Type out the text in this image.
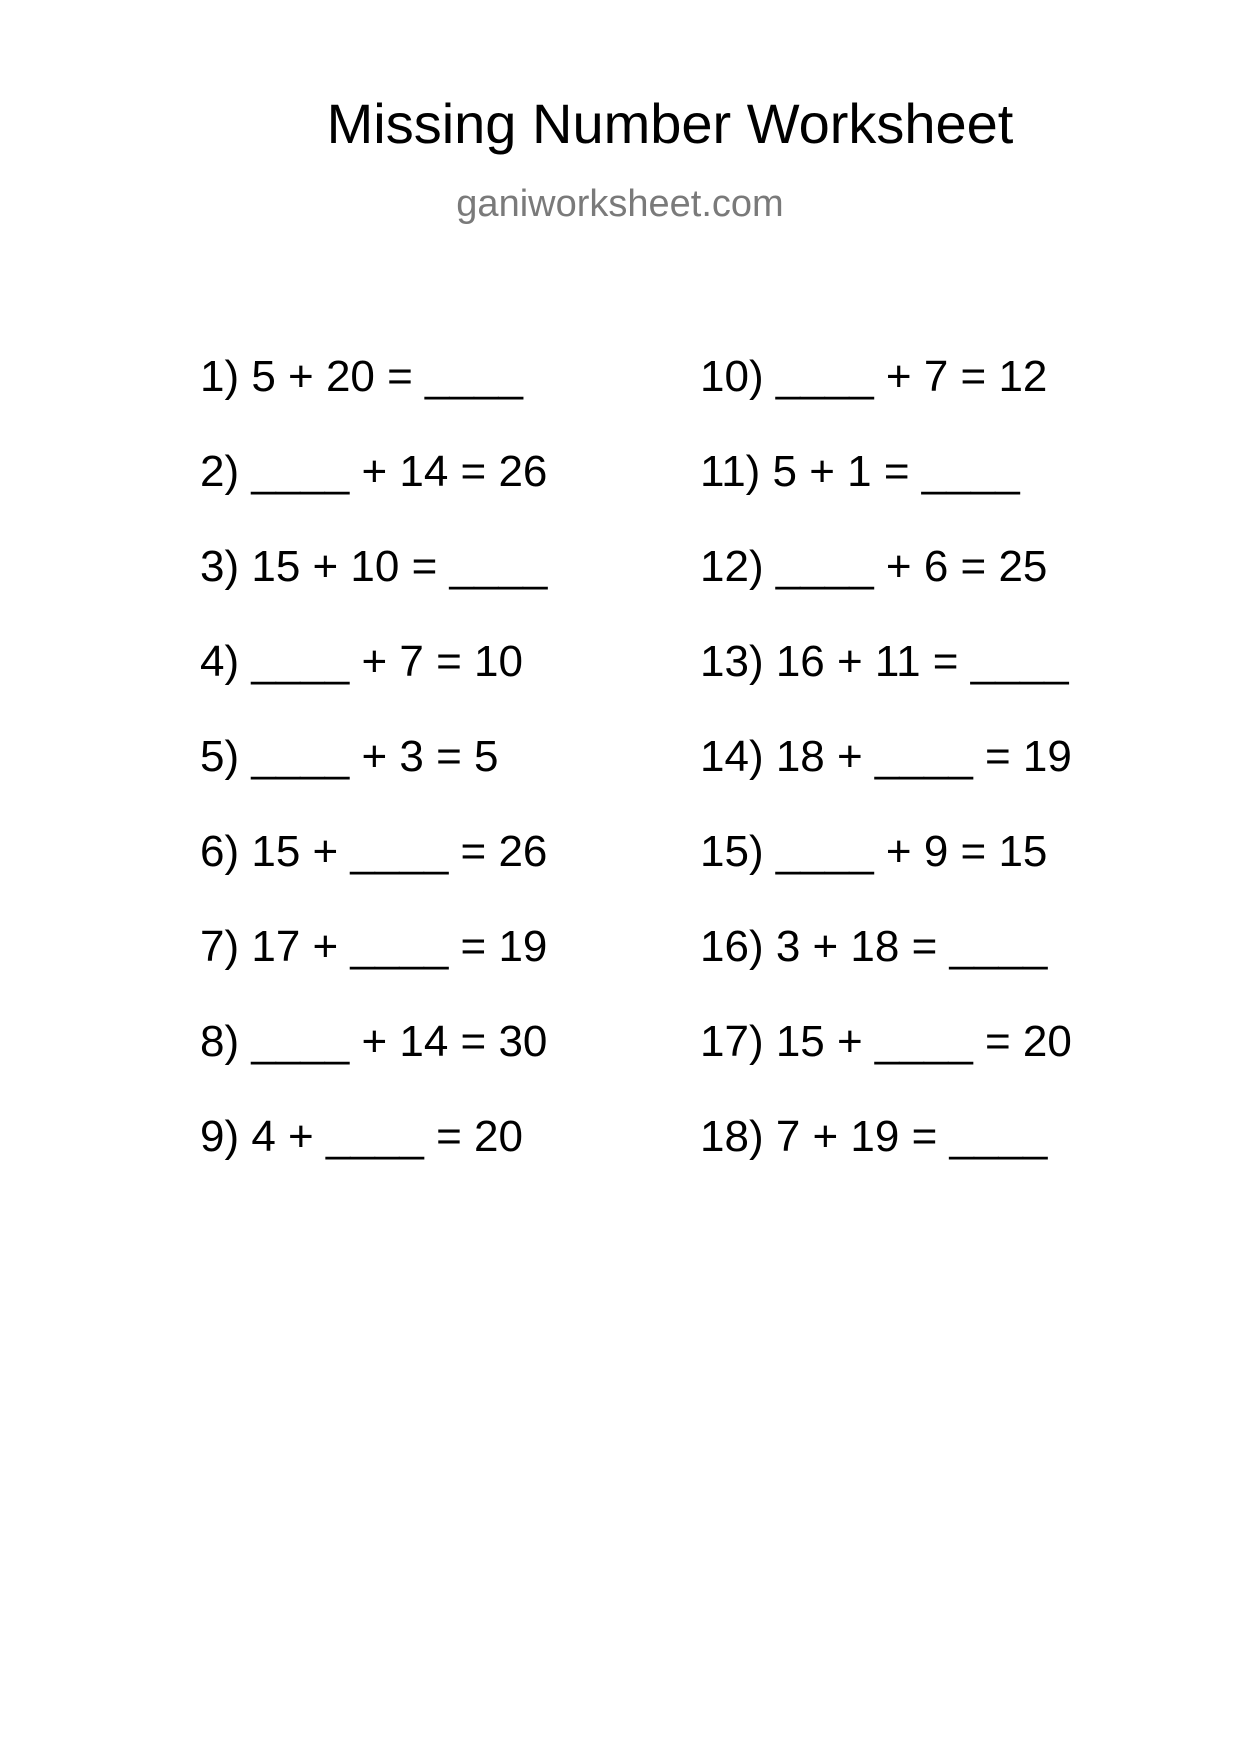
Missing Number Worksheet
ganiworksheet.com
1) 5 + 20 = ____
2) ____ + 14 = 26
3) 15 + 10 = ____
4) ____ + 7 = 10
5) ____ + 3 = 5
6) 15 + ____ = 26
7) 17 + ____ = 19
8) ____ + 14 = 30
9) 4 + ____ = 20
10) ____ + 7 = 12
11) 5 + 1 = ____
12) ____ + 6 = 25
13) 16 + 11 = ____
14) 18 + ____ = 19
15) ____ + 9 = 15
16) 3 + 18 = ____
17) 15 + ____ = 20
18) 7 + 19 = ____
